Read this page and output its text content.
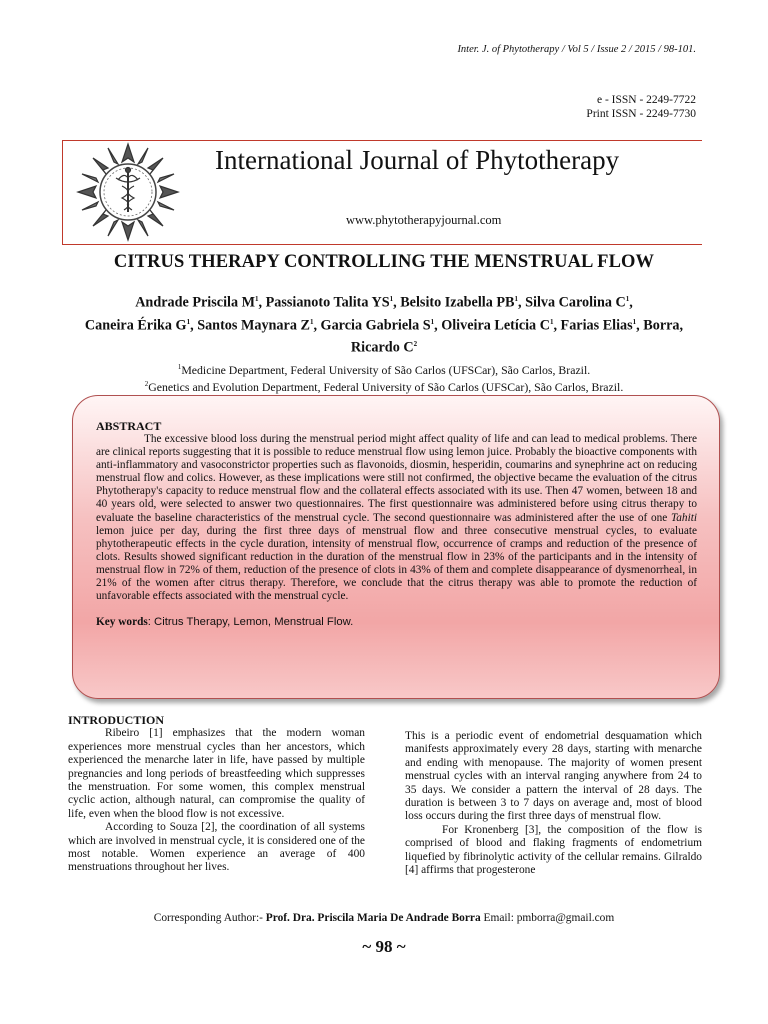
Inter. J. of Phytotherapy / Vol 5 / Issue 2 / 2015 / 98-101.
e - ISSN - 2249-7722
Print ISSN - 2249-7730
International Journal of Phytotherapy
www.phytotherapyjournal.com
CITRUS THERAPY CONTROLLING THE MENSTRUAL FLOW
Andrade Priscila $M^1$, Passianoto Talita $YS^1$, Belsito Izabella $PB^1$, Silva Carolina $C^1$,
Caneira Érika $G^1$, Santos Maynara $Z^1$, Garcia Gabriela $S^1$, Oliveira Letícia $C^1$, Farias Elias$^1$, Borra, Ricardo $C^2$
$^1$Medicine Department, Federal University of São Carlos (UFSCar), São Carlos, Brazil.
$^2$Genetics and Evolution Department, Federal University of São Carlos (UFSCar), São Carlos, Brazil.
ABSTRACT
The excessive blood loss during the menstrual period might affect quality of life and can lead to medical problems. There are clinical reports suggesting that it is possible to reduce menstrual flow using lemon juice. Probably the bioactive components with anti-inflammatory and vasoconstrictor properties such as flavonoids, diosmin, hesperidin, coumarins and synephrine act on reducing menstrual flow and colics. However, as these implications were still not confirmed, the objective became the evaluation of the citrus Phytotherapy's capacity to reduce menstrual flow and the collateral effects associated with its use. Then 47 women, between 18 and 40 years old, were selected to answer two questionnaires. The first questionnaire was administered before using citrus therapy to evaluate the baseline characteristics of the menstrual cycle. The second questionnaire was administered after the use of one Tahiti lemon juice per day, during the first three days of menstrual flow and three consecutive menstrual cycles, to evaluate phytotherapeutic effects in the cycle duration, intensity of menstrual flow, occurrence of cramps and reduction of the presence of clots. Results showed significant reduction in the duration of the menstrual flow in 23% of the participants and in the intensity of menstrual flow in 72% of them, reduction of the presence of clots in 43% of them and complete disappearance of dysmenorrheal, in 21% of the women after citrus therapy. Therefore, we conclude that the citrus therapy was able to promote the reduction of unfavorable effects associated with the menstrual cycle.
Key words: Citrus Therapy, Lemon, Menstrual Flow.
INTRODUCTION
Ribeiro [1] emphasizes that the modern woman experiences more menstrual cycles than her ancestors, which experienced the menarche later in life, have passed by multiple pregnancies and long periods of breastfeeding which suppresses the menstruation. For some women, this complex menstrual cyclic action, although natural, can compromise the quality of life, even when the blood flow is not excessive.
According to Souza [2], the coordination of all systems which are involved in menstrual cycle, it is considered one of the most notable. Women experience an average of 400 menstruations throughout her lives.
This is a periodic event of endometrial desquamation which manifests approximately every 28 days, starting with menarche and ending with menopause. The majority of women present menstrual cycles with an interval ranging anywhere from 24 to 35 days. We consider a pattern the interval of 28 days. The duration is between 3 to 7 days on average and, most of blood loss occurs during the first three days of menstrual flow.
For Kronenberg [3], the composition of the flow is comprised of blood and flaking fragments of endometrium liquefied by fibrinolytic activity of the cellular remains. Gilraldo [4] affirms that progesterone
Corresponding Author:- Prof. Dra. Priscila Maria De Andrade Borra Email: pmborra@gmail.com
~ 98 ~
